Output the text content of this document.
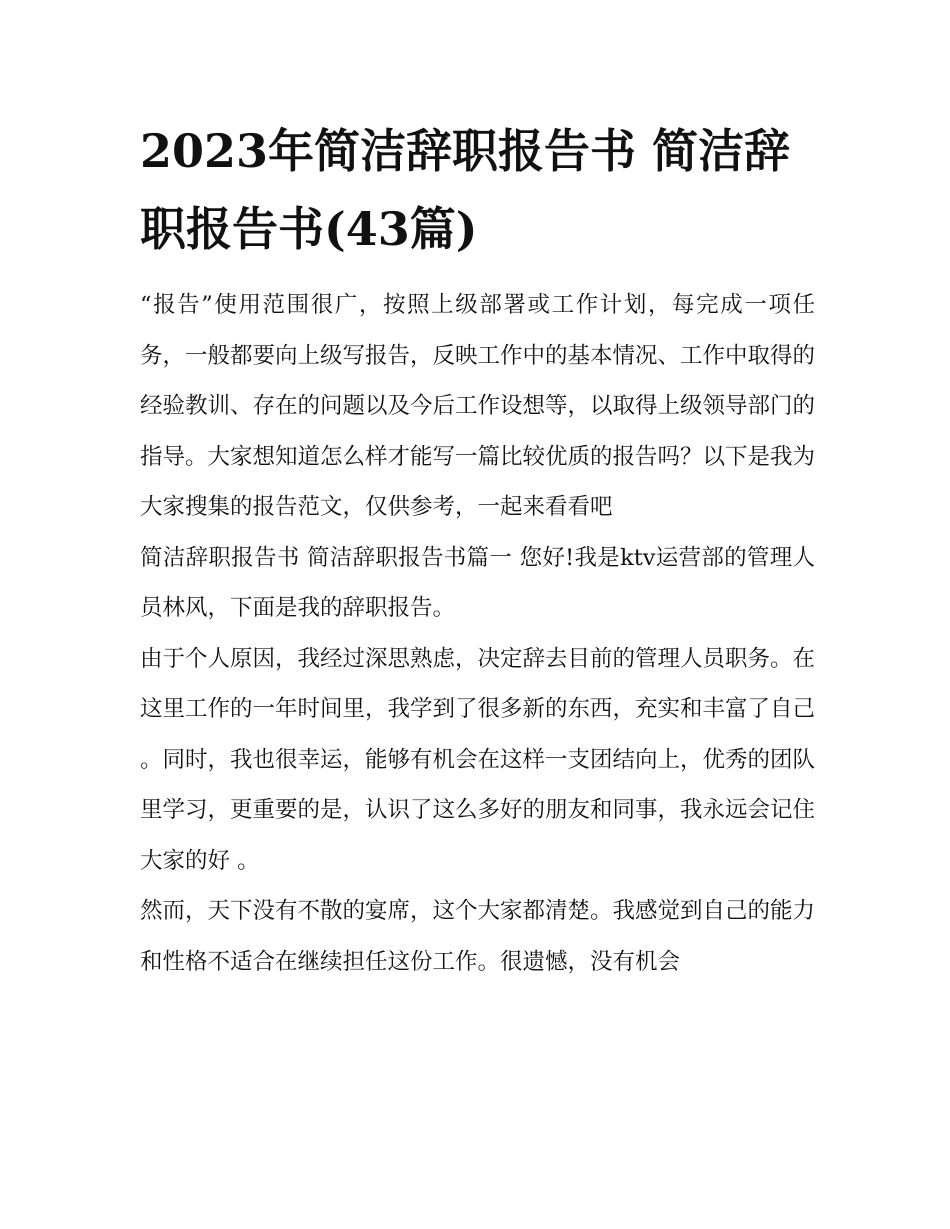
2023年简洁辞职报告书 简洁辞职报告书(43篇)

“报告”使用范围很广，按照上级部署或工作计划，每完成一项任务，一般都要向上级写报告，反映工作中的基本情况、工作中取得的经验教训、存在的问题以及今后工作设想等，以取得上级领导部门的指导。大家想知道怎么样才能写一篇比较优质的报告吗？以下是我为大家搜集的报告范文，仅供参考，一起来看看吧

简洁辞职报告书 简洁辞职报告书篇一 您好!我是ktv运营部的管理人员林风，下面是我的辞职报告。

由于个人原因，我经过深思熟虑，决定辞去目前的管理人员职务。在这里工作的一年时间里，我学到了很多新的东西，充实和丰富了自己

。同时，我也很幸运，能够有机会在这样一支团结向上，优秀的团队里学习，更重要的是，认识了这么多好的朋友和同事，我永远会记住大家的好 。

然而，天下没有不散的宴席，这个大家都清楚。我感觉到自己的能力和性格不适合在继续担任这份工作。很遗憾，没有机会
